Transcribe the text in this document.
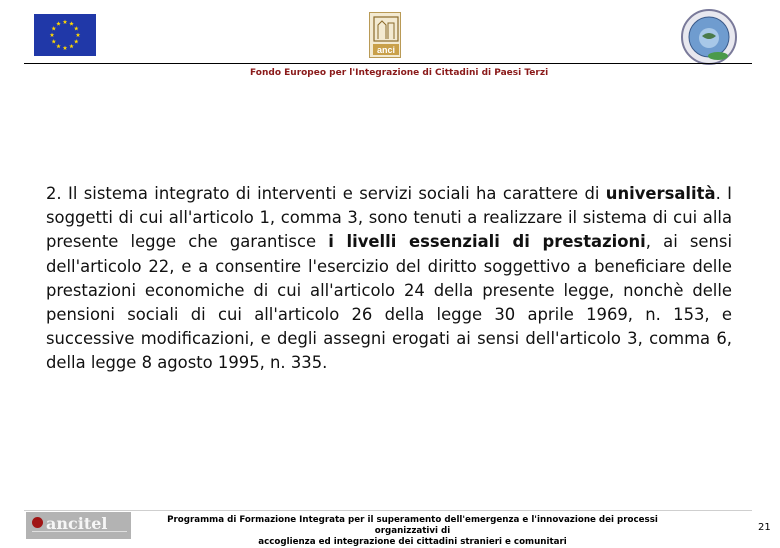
anci
Fondo Europeo per l'Integrazione di Cittadini di Paesi Terzi
2. Il sistema integrato di interventi e servizi sociali ha carattere di universalità. I soggetti di cui all'articolo 1, comma 3, sono tenuti a realizzare il sistema di cui alla presente legge che garantisce i livelli essenziali di prestazioni, ai sensi dell'articolo 22, e a consentire l'esercizio del diritto soggettivo a beneficiare delle prestazioni economiche di cui all'articolo 24 della presente legge, nonchè delle pensioni sociali di cui all'articolo 26 della legge 30 aprile 1969, n. 153, e successive modificazioni, e degli assegni erogati ai sensi dell'articolo 3, comma 6, della legge 8 agosto 1995, n. 335.
ancitel	Programma di Formazione Integrata per il superamento dell'emergenza e l'innovazione dei processi organizzativi di
accoglienza ed integrazione dei cittadini stranieri e comunitari
21
